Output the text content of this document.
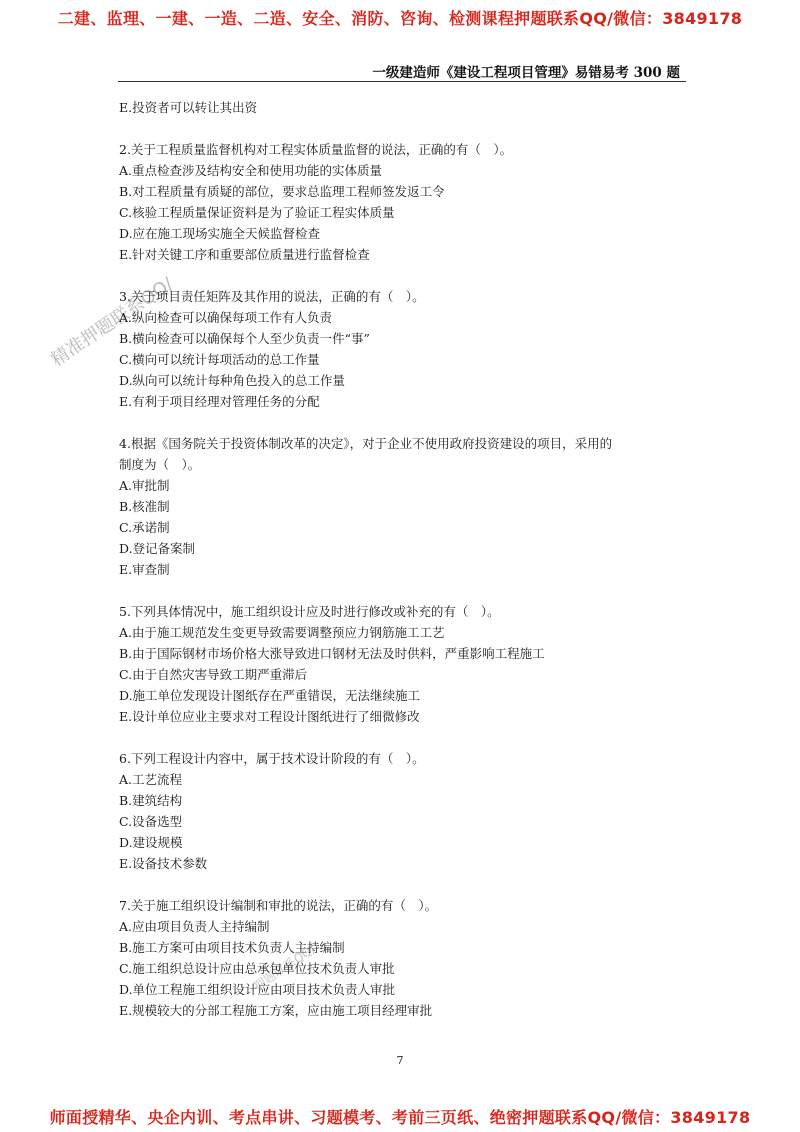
二建、监理、一建、一造、二造、安全、消防、咨询、检测课程押题联系QQ/微信：3849178
一级建造师《建设工程项目管理》易错易考 300 题
精准押题联系QQ/
押题联系QQ/
E.投资者可以转让其出资
2.关于工程质量监督机构对工程实体质量监督的说法，正确的有（　）。
A.重点检查涉及结构安全和使用功能的实体质量
B.对工程质量有质疑的部位，要求总监理工程师签发返工令
C.核验工程质量保证资料是为了验证工程实体质量
D.应在施工现场实施全天候监督检查
E.针对关键工序和重要部位质量进行监督检查
3.关于项目责任矩阵及其作用的说法，正确的有（　）。
A.纵向检查可以确保每项工作有人负责
B.横向检查可以确保每个人至少负责一件“事”
C.横向可以统计每项活动的总工作量
D.纵向可以统计每种角色投入的总工作量
E.有利于项目经理对管理任务的分配
4.根据《国务院关于投资体制改革的决定》，对于企业不使用政府投资建设的项目，采用的
制度为（　）。
A.审批制
B.核准制
C.承诺制
D.登记备案制
E.审查制
5.下列具体情况中，施工组织设计应及时进行修改或补充的有（　）。
A.由于施工规范发生变更导致需要调整预应力钢筋施工工艺
B.由于国际钢材市场价格大涨导致进口钢材无法及时供料，严重影响工程施工
C.由于自然灾害导致工期严重滞后
D.施工单位发现设计图纸存在严重错误，无法继续施工
E.设计单位应业主要求对工程设计图纸进行了细微修改
6.下列工程设计内容中，属于技术设计阶段的有（　）。
A.工艺流程
B.建筑结构
C.设备选型
D.建设规模
E.设备技术参数
7.关于施工组织设计编制和审批的说法，正确的有（　）。
A.应由项目负责人主持编制
B.施工方案可由项目技术负责人主持编制
C.施工组织总设计应由总承包单位技术负责人审批
D.单位工程施工组织设计应由项目技术负责人审批
E.规模较大的分部工程施工方案，应由施工项目经理审批
7
师面授精华、央企内训、考点串讲、习题模考、考前三页纸、绝密押题联系QQ/微信：3849178
